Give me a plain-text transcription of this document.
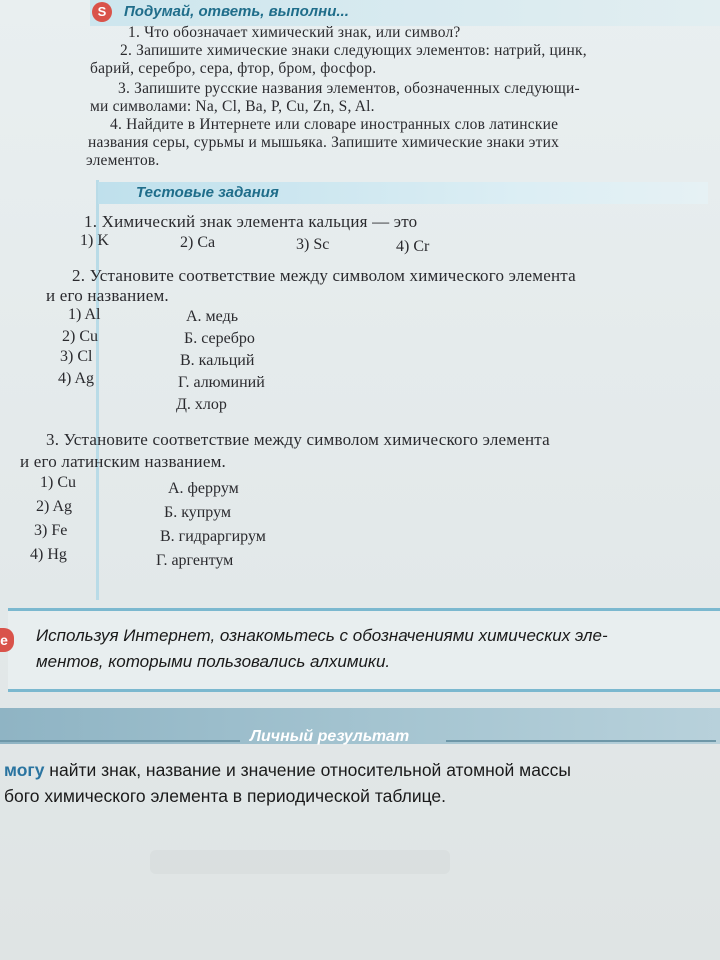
S	Подумай, ответь, выполни...
1. Что обозначает химический знак, или символ?
2. Запишите химические знаки следующих элементов: натрий, цинк,
барий, серебро, сера, фтор, бром, фосфор.
3. Запишите русские названия элементов, обозначенных следующи-
ми символами: Na, Cl, Ba, P, Cu, Zn, S, Al.
4. Найдите в Интернете или словаре иностранных слов латинские
названия серы, сурьмы и мышьяка. Запишите химические знаки этих
элементов.
Тестовые задания
1. Химический знак элемента кальция — это
1) K	2) Ca	3) Sc	4) Cr
2. Установите соответствие между символом химического элемента
и его названием.
1) Al
2) Cu
3) Cl
4) Ag
А. медь
Б. серебро
В. кальций
Г. алюминий
Д. хлор
3. Установите соответствие между символом химического элемента
и его латинским названием.
1) Cu
2) Ag
3) Fe
4) Hg
А. феррум
Б. купрум
В. гидраргирум
Г. аргентум
e	Используя Интернет, ознакомьтесь с обозначениями химических эле-
ментов, которыми пользовались алхимики.
Личный результат
могу найти знак, название и значение относительной атомной массы
бого химического элемента в периодической таблице.
